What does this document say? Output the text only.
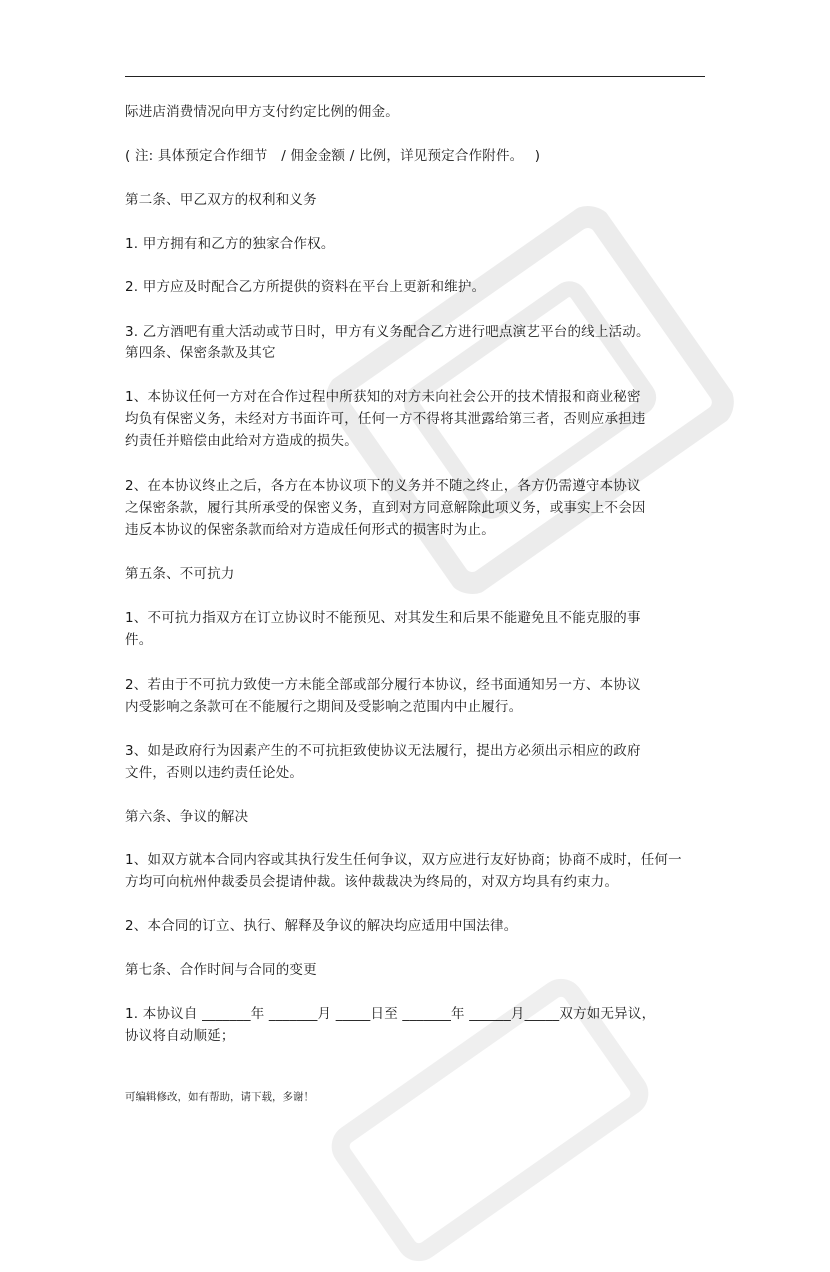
际进店消费情况向甲方支付约定比例的佣金。
( 注: 具体预定合作细节　/ 佣金金额 / 比例，详见预定合作附件。　 )
第二条、甲乙双方的权利和义务
1. 甲方拥有和乙方的独家合作权。
2. 甲方应及时配合乙方所提供的资料在平台上更新和维护。
3. 乙方酒吧有重大活动或节日时，甲方有义务配合乙方进行吧点演艺平台的线上活动。
第四条、保密条款及其它
1、本协议任何一方对在合作过程中所获知的对方未向社会公开的技术情报和商业秘密
均负有保密义务，未经对方书面许可，任何一方不得将其泄露给第三者，否则应承担违
约责任并赔偿由此给对方造成的损失。
2、在本协议终止之后，各方在本协议项下的义务并不随之终止，各方仍需遵守本协议
之保密条款，履行其所承受的保密义务，直到对方同意解除此项义务，或事实上不会因
违反本协议的保密条款而给对方造成任何形式的损害时为止。
第五条、不可抗力
1、不可抗力指双方在订立协议时不能预见、对其发生和后果不能避免且不能克服的事
件。
2、若由于不可抗力致使一方未能全部或部分履行本协议，经书面通知另一方、本协议
内受影响之条款可在不能履行之期间及受影响之范围内中止履行。
3、如是政府行为因素产生的不可抗拒致使协议无法履行，提出方必须出示相应的政府
文件，否则以违约责任论处。
第六条、争议的解决
1、如双方就本合同内容或其执行发生任何争议，双方应进行友好协商；协商不成时，任何一
方均可向杭州仲裁委员会提请仲裁。该仲裁裁决为终局的，对双方均具有约束力。
2、本合同的订立、执行、解释及争议的解决均应适用中国法律。
第七条、合作时间与合同的变更
1. 本协议自 _______年 _______月 _____日至 _______年 ______月_____双方如无异议，
协议将自动顺延；
可编辑修改，如有帮助，请下载，多谢！
